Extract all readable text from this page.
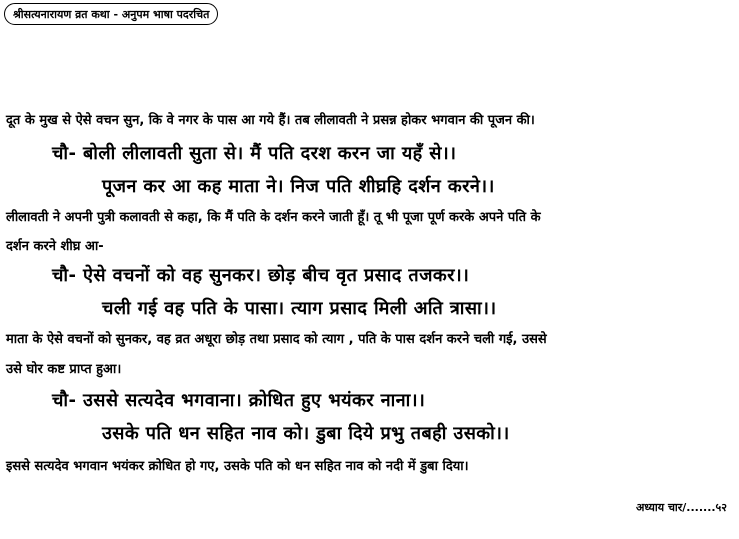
श्रीसत्यनारायण व्रत कथा - अनुपम भाषा पदरचित
दूत के मुख से ऐसे वचन सुन, कि वे नगर के पास आ गये हैं। तब लीलावती ने प्रसन्न होकर भगवान की पूजन की।
चौ- बोली लीलावती सुता से। मैं पति दरश करन जा यहँ से।।
पूजन कर आ कह माता ने। निज पति शीघ्रहि दर्शन करने।।
लीलावती ने अपनी पुत्री कलावती से कहा, कि मैं पति के दर्शन करने जाती हूँ। तू भी पूजा पूर्ण करके अपने पति के
दर्शन करने शीघ्र आ-
चौ- ऐसे वचनों को वह सुनकर। छोड़ बीच वृत प्रसाद तजकर।।
चली गई वह पति के पासा। त्याग प्रसाद मिली अति त्रासा।।
माता के ऐसे वचनों को सुनकर, वह व्रत अधूरा छोड़ तथा प्रसाद को त्याग , पति के पास दर्शन करने चली गई, उससे
उसे घोर कष्ट प्राप्त हुआ।
चौ- उससे सत्यदेव भगवाना। क्रोधित हुए भयंकर नाना।।
उसके पति धन सहित नाव को। डुबा दिये प्रभु तबही उसको।।
इससे सत्यदेव भगवान भयंकर क्रोधित हो गए, उसके पति को धन सहित नाव को नदी में डुबा दिया।
अध्याय चार/.......५२
